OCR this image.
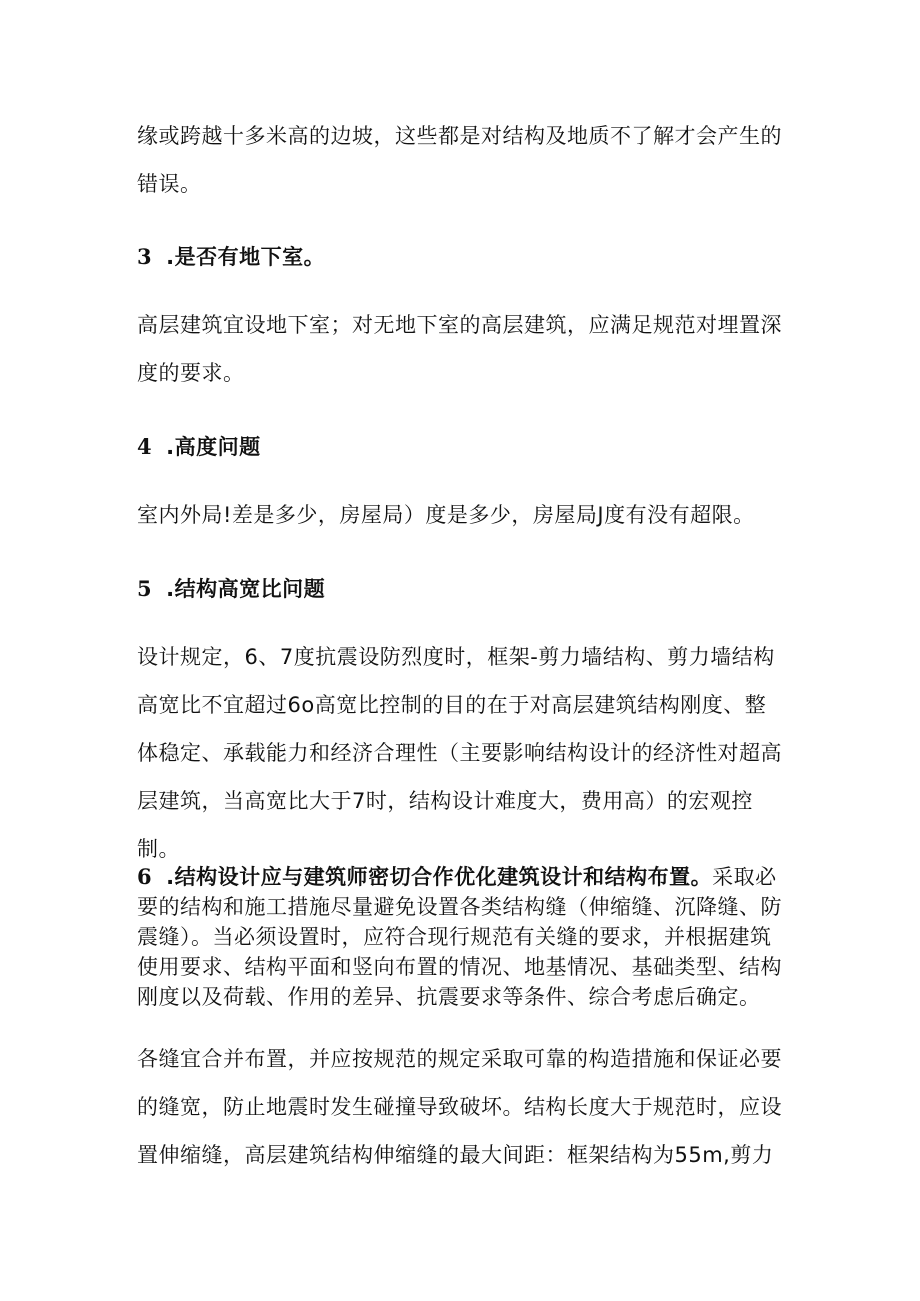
缘或跨越十多米高的边坡，这些都是对结构及地质不了解才会产生的错误。

3 .是否有地下室。

高层建筑宜设地下室；对无地下室的高层建筑，应满足规范对埋置深度的要求。

4 .高度问题

室内外局!差是多少，房屋局）度是多少，房屋局J度有没有超限。

5 .结构高宽比问题

设计规定，6、7度抗震设防烈度时，框架-剪力墙结构、剪力墙结构高宽比不宜超过6o高宽比控制的目的在于对高层建筑结构刚度、整体稳定、承载能力和经济合理性（主要影响结构设计的经济性对超高层建筑，当高宽比大于7时，结构设计难度大，费用高）的宏观控制。

6 .结构设计应与建筑师密切合作优化建筑设计和结构布置。采取必要的结构和施工措施尽量避免设置各类结构缝（伸缩缝、沉降缝、防震缝）。当必须设置时，应符合现行规范有关缝的要求，并根据建筑使用要求、结构平面和竖向布置的情况、地基情况、基础类型、结构刚度以及荷载、作用的差异、抗震要求等条件、综合考虑后确定。

各缝宜合并布置，并应按规范的规定采取可靠的构造措施和保证必要的缝宽，防止地震时发生碰撞导致破坏。结构长度大于规范时，应设置伸缩缝，高层建筑结构伸缩缝的最大间距：框架结构为55m,剪力
